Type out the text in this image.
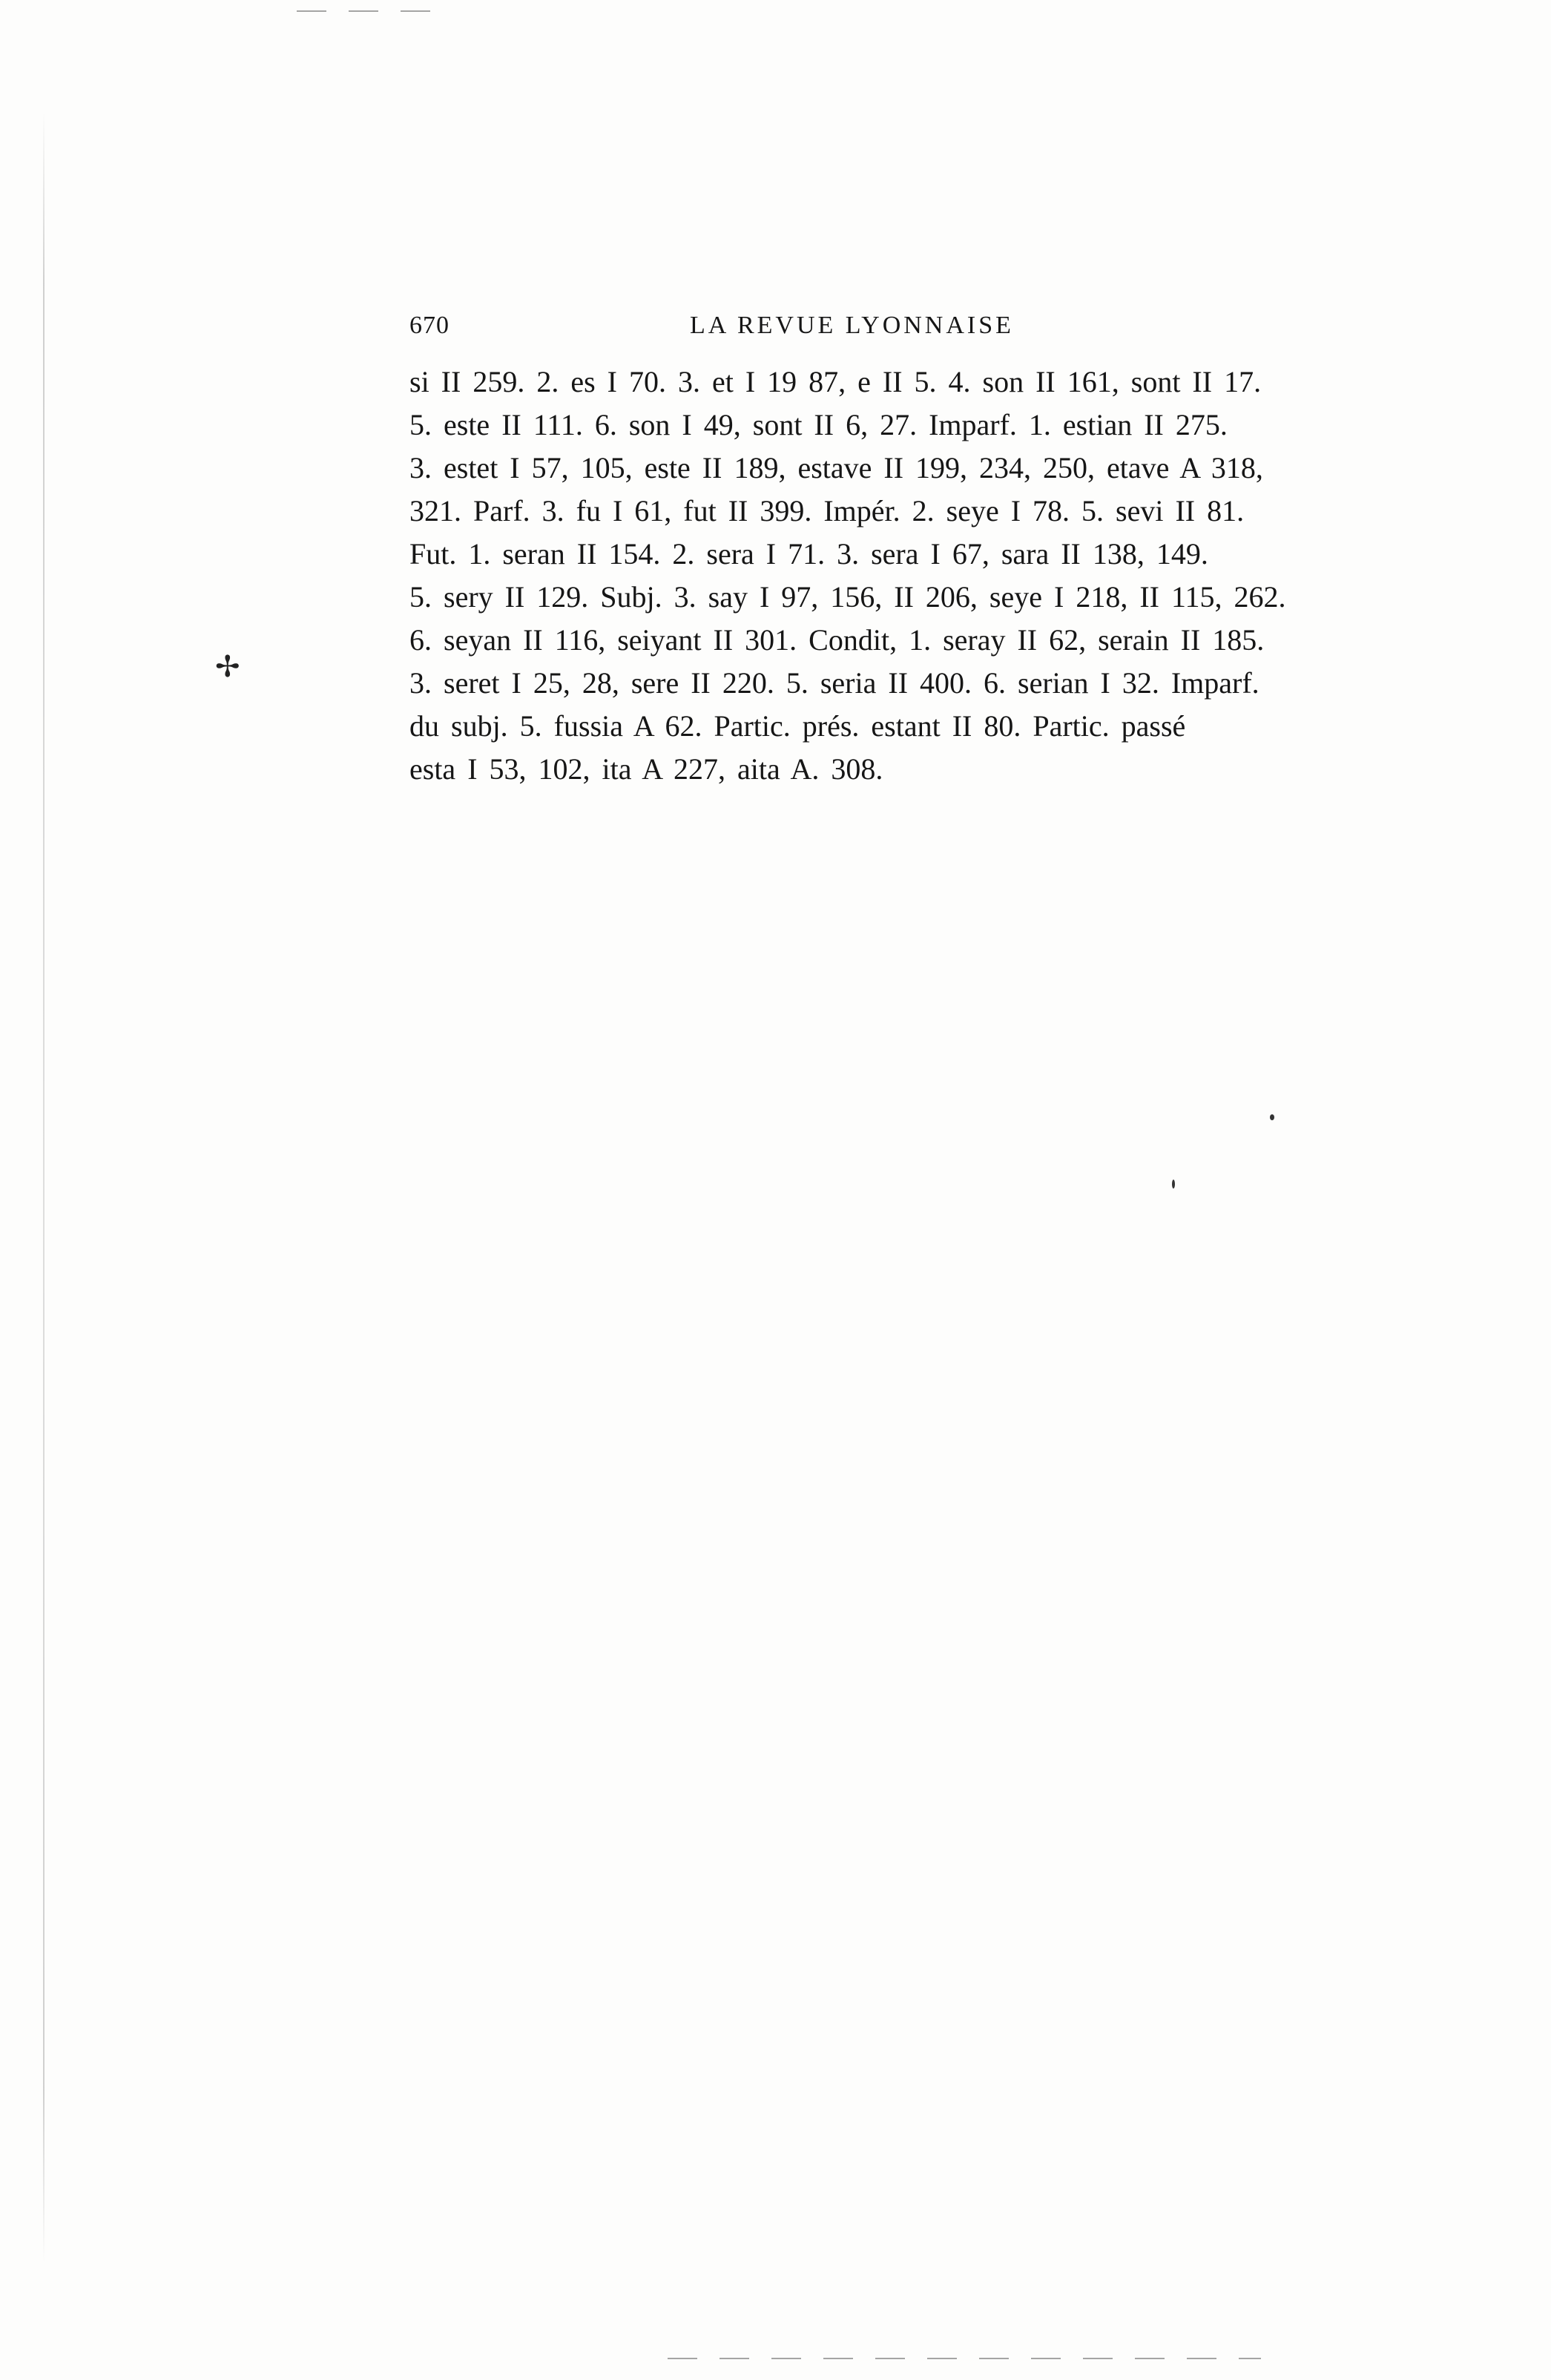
670	LA REVUE LYONNAISE
✢
si II 259. 2. es I 70. 3. et I 19 87, e II 5. 4. son II 161, sont II 17.
5. este II 111. 6. son I 49, sont II 6, 27. Imparf. 1. estian II 275.
3. estet I 57, 105, este II 189, estave II 199, 234, 250, etave A 318,
321. Parf. 3. fu I 61, fut II 399. Impér. 2. seye I 78. 5. sevi II 81.
Fut. 1. seran II 154. 2. sera I 71. 3. sera I 67, sara II 138, 149.
5. sery II 129. Subj. 3. say I 97, 156, II 206, seye I 218, II 115, 262.
6. seyan II 116, seiyant II 301. Condit, 1. seray II 62, serain II 185.
3. seret I 25, 28, sere II 220. 5. seria II 400. 6. serian I 32. Imparf.
du subj. 5. fussia A 62. Partic. prés. estant II 80. Partic. passé
esta I 53, 102, ita A 227, aita A. 308.
